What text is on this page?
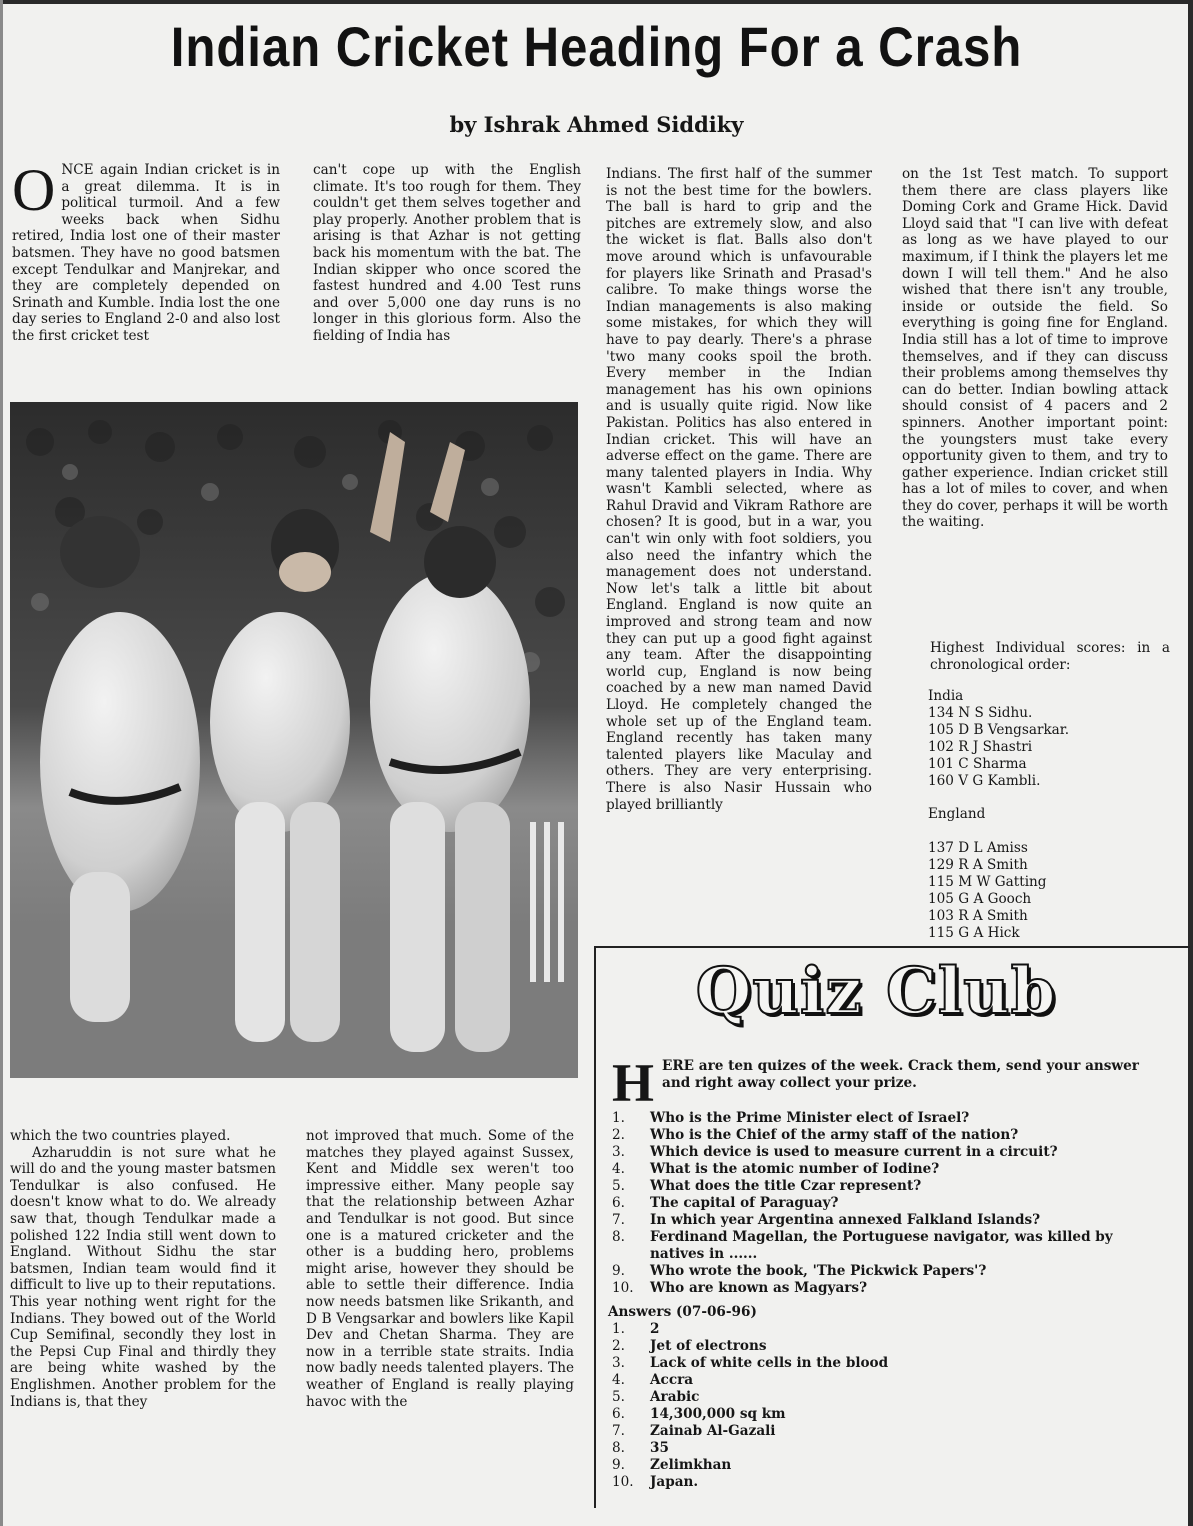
Indian Cricket Heading For a Crash
by Ishrak Ahmed Siddiky
O NCE again Indian cricket is in a great dilemma. It is in political turmoil. And a few weeks back when Sidhu retired, India lost one of their master batsmen. They have no good batsmen except Tendulkar and Manjrekar, and they are completely depended on Srinath and Kumble. India lost the one day series to England 2-0 and also lost the first cricket test
can't cope up with the English climate. It's too rough for them. They couldn't get them selves together and play properly. Another problem that is arising is that Azhar is not getting back his momentum with the bat. The Indian skipper who once scored the fastest hundred and 4.00 Test runs and over 5,000 one day runs is no longer in this glorious form. Also the fielding of India has
Indians. The first half of the summer is not the best time for the bowlers. The ball is hard to grip and the pitches are extremely slow, and also the wicket is flat. Balls also don't move around which is unfavourable for players like Srinath and Prasad's calibre. To make things worse the Indian managements is also making some mistakes, for which they will have to pay dearly. There's a phrase 'two many cooks spoil the broth. Every member in the Indian management has his own opinions and is usually quite rigid. Now like Pakistan. Politics has also entered in Indian cricket. This will have an adverse effect on the game. There are many talented players in India. Why wasn't Kambli selected, where as Rahul Dravid and Vikram Rathore are chosen? It is good, but in a war, you can't win only with foot soldiers, you also need the infantry which the management does not understand. Now let's talk a little bit about England. England is now quite an improved and strong team and now they can put up a good fight against any team. After the disappointing world cup, England is now being coached by a new man named David Lloyd. He completely changed the whole set up of the England team. England recently has taken many talented players like Maculay and others. They are very enterprising. There is also Nasir Hussain who played brilliantly
on the 1st Test match. To support them there are class players like Doming Cork and Grame Hick. David Lloyd said that "I can live with defeat as long as we have played to our maximum, if I think the players let me down I will tell them." And he also wished that there isn't any trouble, inside or outside the field. So everything is going fine for England. India still has a lot of time to improve themselves, and if they can discuss their problems among themselves thy can do better. Indian bowling attack should consist of 4 pacers and 2 spinners. Another important point: the youngsters must take every opportunity given to them, and try to gather experience. Indian cricket still has a lot of miles to cover, and when they do cover, perhaps it will be worth the waiting.
Highest Individual scores: in a chronological order:
India
134 N S Sidhu.
105 D B Vengsarkar.
102 R J Shastri
101 C Sharma
160 V G Kambli.
England
137 D L Amiss
129 R A Smith
115 M W Gatting
105 G A Gooch
103 R A Smith
115 G A Hick

which the two countries played.

Azharuddin is not sure what he will do and the young master batsmen Tendulkar is also confused. He doesn't know what to do. We already saw that, though Tendulkar made a polished 122 India still went down to England. Without Sidhu the star batsmen, Indian team would find it difficult to live up to their reputations. This year nothing went right for the Indians. They bowed out of the World Cup Semifinal, secondly they lost in the Pepsi Cup Final and thirdly they are being white washed by the Englishmen. Another problem for the Indians is, that they

not improved that much. Some of the matches they played against Sussex, Kent and Middle sex weren't too impressive either. Many people say that the relationship between Azhar and Tendulkar is not good. But since one is a matured cricketer and the other is a budding hero, problems might arise, however they should be able to settle their difference. India now needs batsmen like Srikanth, and D B Vengsarkar and bowlers like Kapil Dev and Chetan Sharma. They are now in a terrible state straits. India now badly needs talented players. The weather of England is really playing havoc with the
Quiz Club
H ERE are ten quizes of the week. Crack them, send your answer and right away collect your prize.
1.	Who is the Prime Minister elect of Israel?
2.	Who is the Chief of the army staff of the nation?
3.	Which device is used to measure current in a circuit?
4.	What is the atomic number of Iodine?
5.	What does the title Czar represent?
6.	The capital of Paraguay?
7.	In which year Argentina annexed Falkland Islands?
8.	Ferdinand Magellan, the Portuguese navigator, was killed by natives in ......
9.	Who wrote the book, 'The Pickwick Papers'?
10.	Who are known as Magyars?
Answers (07-06-96)
1.	2
2.	Jet of electrons
3.	Lack of white cells in the blood
4.	Accra
5.	Arabic
6.	14,300,000 sq km
7.	Zainab Al-Gazali
8.	35
9.	Zelimkhan
10.	Japan.
